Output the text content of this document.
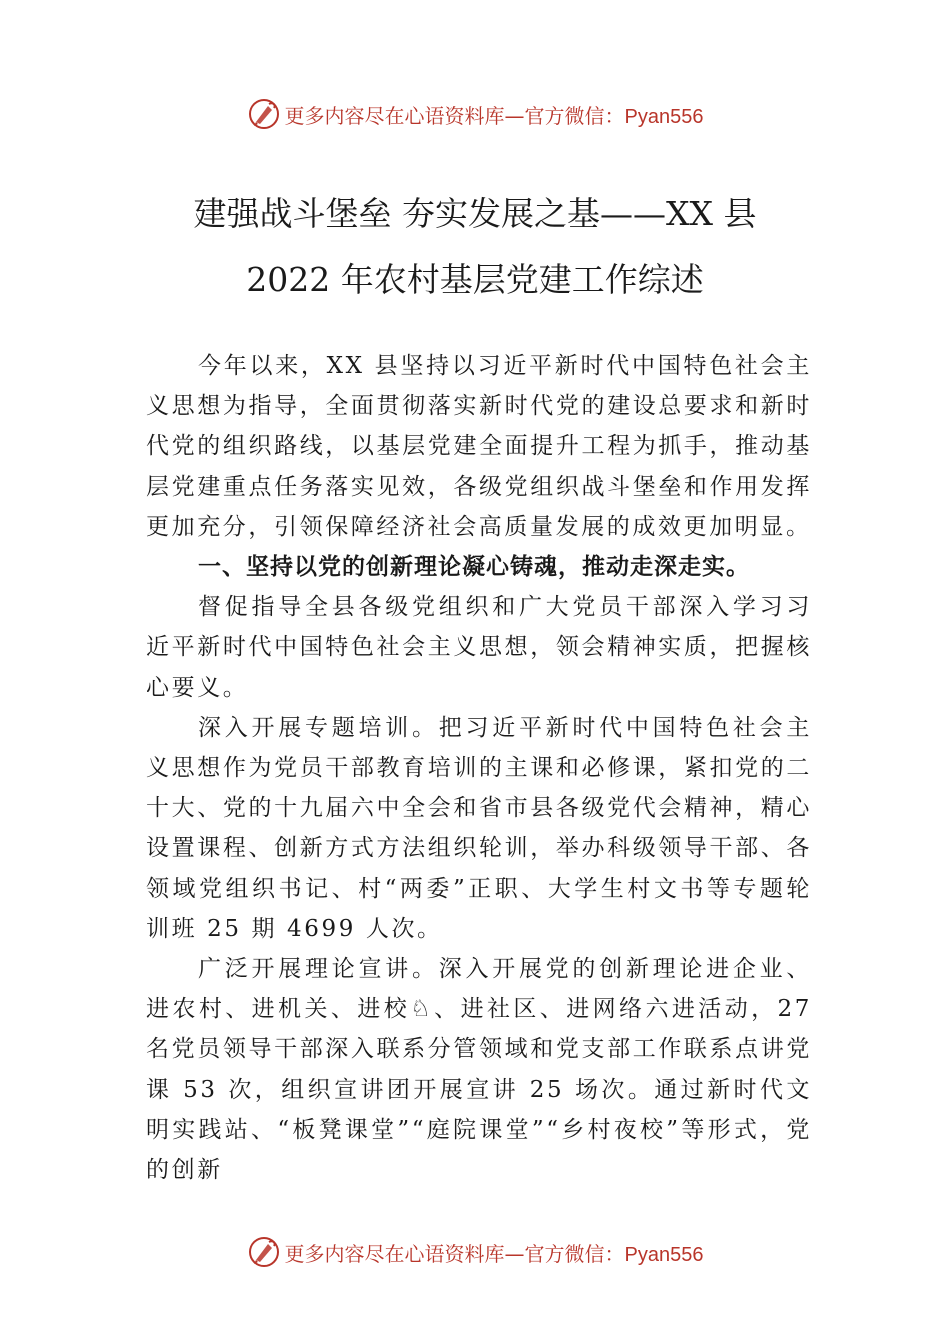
更多内容尽在心语资料库—官方微信：Pyan556
建强战斗堡垒 夯实发展之基——XX 县
2022 年农村基层党建工作综述

今年以来，XX 县坚持以习近平新时代中国特色社会主义思想为指导，全面贯彻落实新时代党的建设总要求和新时代党的组织路线，以基层党建全面提升工程为抓手，推动基层党建重点任务落实见效，各级党组织战斗堡垒和作用发挥更加充分，引领保障经济社会高质量发展的成效更加明显。

一、坚持以党的创新理论凝心铸魂，推动走深走实。

督促指导全县各级党组织和广大党员干部深入学习习近平新时代中国特色社会主义思想，领会精神实质，把握核心要义。

深入开展专题培训。把习近平新时代中国特色社会主义思想作为党员干部教育培训的主课和必修课，紧扣党的二十大、党的十九届六中全会和省市县各级党代会精神，精心设置课程、创新方式方法组织轮训，举办科级领导干部、各领域党组织书记、村“两委”正职、大学生村文书等专题轮训班 25 期 4699 人次。

广泛开展理论宣讲。深入开展党的创新理论进企业、进农村、进机关、进校♘、进社区、进网络六进活动，27 名党员领导干部深入联系分管领域和党支部工作联系点讲党课 53 次，组织宣讲团开展宣讲 25 场次。通过新时代文明实践站、“板凳课堂”“庭院课堂”“乡村夜校”等形式，党的创新

更多内容尽在心语资料库—官方微信：Pyan556
